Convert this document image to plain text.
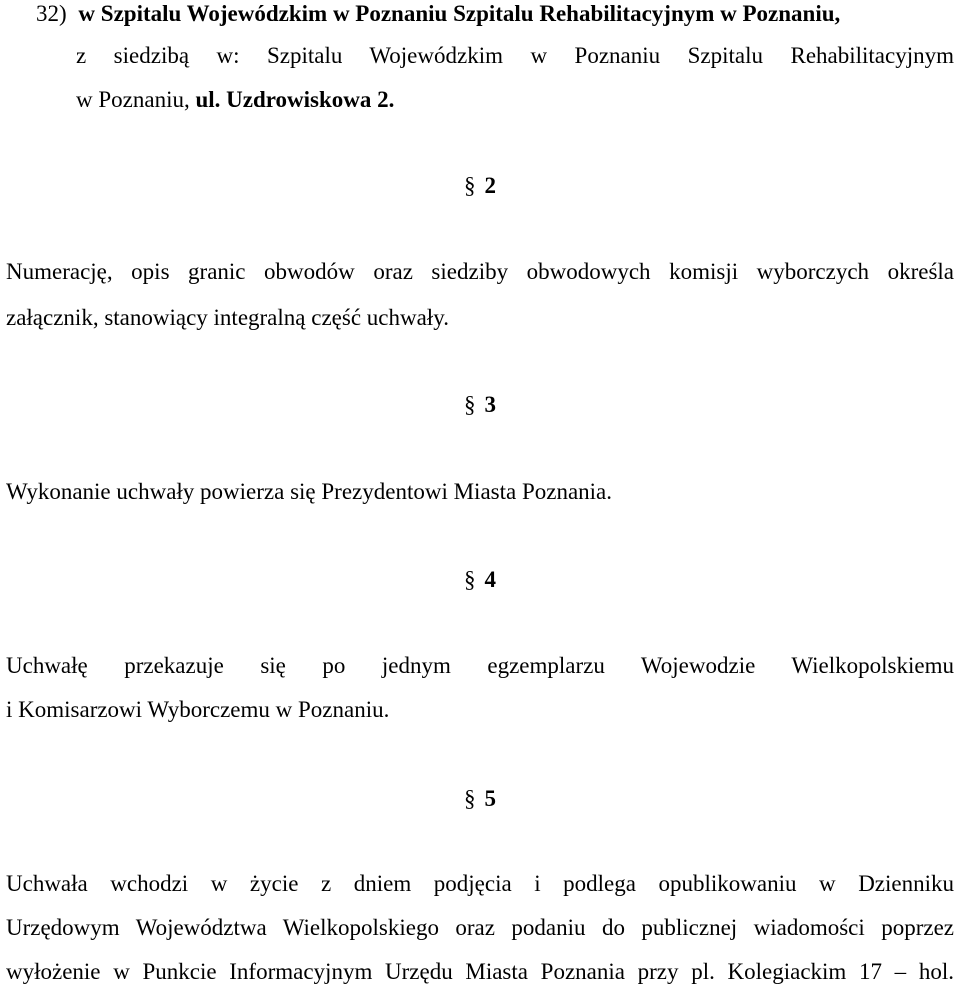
32) w Szpitalu Wojewódzkim w Poznaniu Szpitalu Rehabilitacyjnym w Poznaniu,
z siedzibą w: Szpitalu Wojewódzkim w Poznaniu Szpitalu Rehabilitacyjnym
w Poznaniu, ul. Uzdrowiskowa 2.
§ 2
Numerację, opis granic obwodów oraz siedziby obwodowych komisji wyborczych określa
załącznik, stanowiący integralną część uchwały.
§ 3
Wykonanie uchwały powierza się Prezydentowi Miasta Poznania.
§ 4
Uchwałę przekazuje się po jednym egzemplarzu Wojewodzie Wielkopolskiemu
i Komisarzowi Wyborczemu w Poznaniu.
§ 5
Uchwała wchodzi w życie z dniem podjęcia i podlega opublikowaniu w Dzienniku
Urzędowym Województwa Wielkopolskiego oraz podaniu do publicznej wiadomości poprzez
wyłożenie w Punkcie Informacyjnym Urzędu Miasta Poznania przy pl. Kolegiackim 17 – hol.
